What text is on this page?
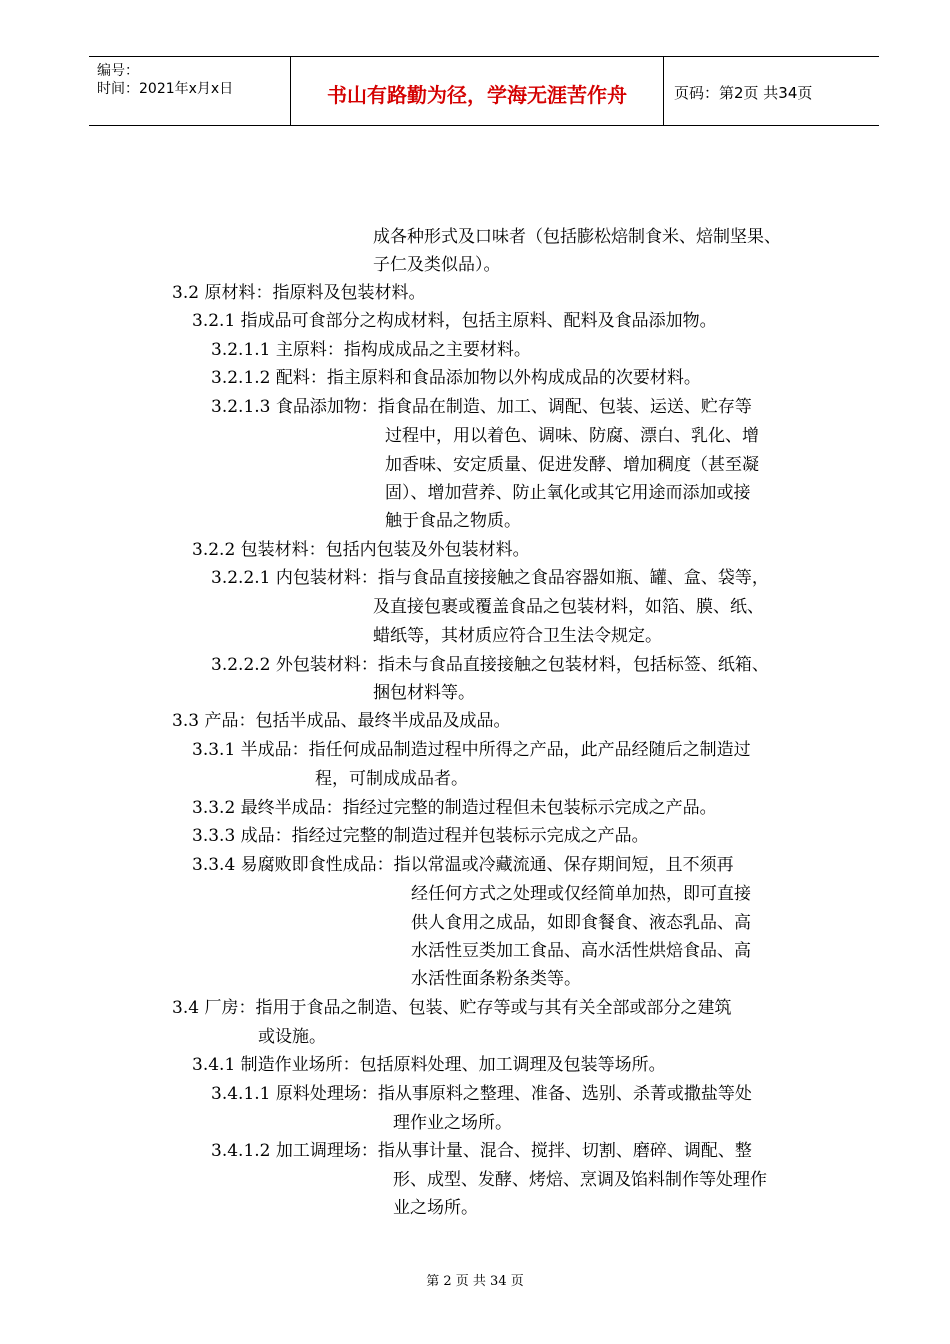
编号：
时间：2021年x月x日	书山有路勤为径，学海无涯苦作舟	页码：第2页 共34页
成各种形式及口味者（包括膨松焙制食米、焙制坚果、
子仁及类似品）。
3.2 原材料：指原料及包装材料。
3.2.1 指成品可食部分之构成材料，包括主原料、配料及食品添加物。
3.2.1.1 主原料：指构成成品之主要材料。
3.2.1.2 配料：指主原料和食品添加物以外构成成品的次要材料。
3.2.1.3 食品添加物：指食品在制造、加工、调配、包装、运送、贮存等
过程中，用以着色、调味、防腐、漂白、乳化、增
加香味、安定质量、促进发酵、增加稠度（甚至凝
固）、增加营养、防止氧化或其它用途而添加或接
触于食品之物质。
3.2.2 包装材料：包括内包装及外包装材料。
3.2.2.1 内包装材料：指与食品直接接触之食品容器如瓶、罐、盒、袋等，
及直接包裹或覆盖食品之包装材料，如箔、膜、纸、
蜡纸等，其材质应符合卫生法令规定。
3.2.2.2 外包装材料：指未与食品直接接触之包装材料，包括标签、纸箱、
捆包材料等。
3.3 产品：包括半成品、最终半成品及成品。
3.3.1 半成品：指任何成品制造过程中所得之产品，此产品经随后之制造过
程，可制成成品者。
3.3.2 最终半成品：指经过完整的制造过程但未包装标示完成之产品。
3.3.3 成品：指经过完整的制造过程并包装标示完成之产品。
3.3.4 易腐败即食性成品：指以常温或冷藏流通、保存期间短，且不须再
经任何方式之处理或仅经简单加热，即可直接
供人食用之成品，如即食餐食、液态乳品、高
水活性豆类加工食品、高水活性烘焙食品、高
水活性面条粉条类等。
3.4 厂房：指用于食品之制造、包装、贮存等或与其有关全部或部分之建筑
或设施。
3.4.1 制造作业场所：包括原料处理、加工调理及包装等场所。
3.4.1.1 原料处理场：指从事原料之整理、准备、选别、杀菁或撒盐等处
理作业之场所。
3.4.1.2 加工调理场：指从事计量、混合、搅拌、切割、磨碎、调配、整
形、成型、发酵、烤焙、烹调及馅料制作等处理作
业之场所。
第 2 页 共 34 页
